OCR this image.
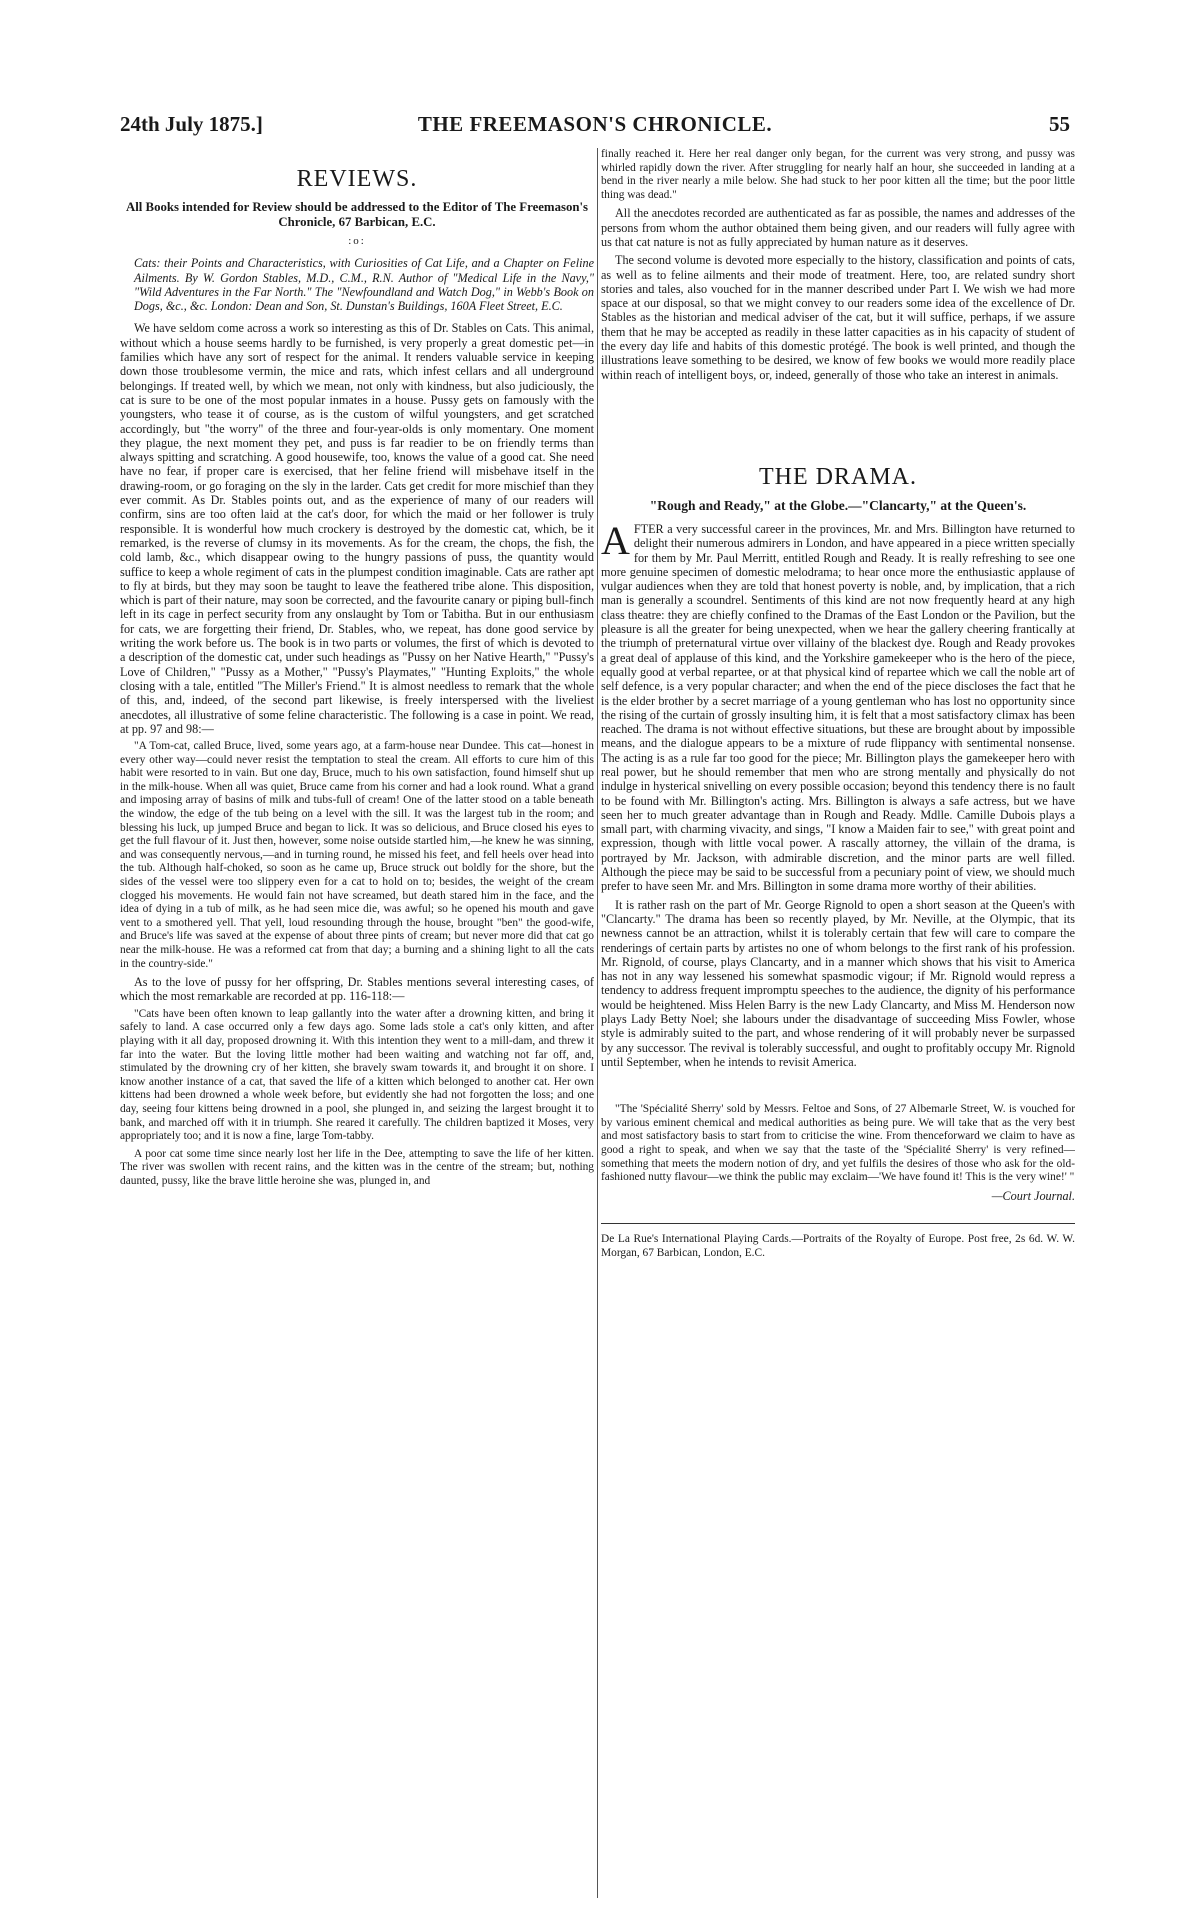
24th July 1875.]	THE FREEMASON'S CHRONICLE.	55
REVIEWS.
All Books intended for Review should be addressed to the Editor of The Freemason's Chronicle, 67 Barbican, E.C.
:o:

Cats: their Points and Characteristics, with Curiosities of Cat Life, and a Chapter on Feline Ailments. By W. Gordon Stables, M.D., C.M., R.N. Author of "Medical Life in the Navy," "Wild Adventures in the Far North." The "Newfoundland and Watch Dog," in Webb's Book on Dogs, &c., &c. London: Dean and Son, St. Dunstan's Buildings, 160A Fleet Street, E.C.

We have seldom come across a work so interesting as this of Dr. Stables on Cats. This animal, without which a house seems hardly to be furnished, is very properly a great domestic pet—in families which have any sort of respect for the animal. It renders valuable service in keeping down those troublesome vermin, the mice and rats, which infest cellars and all underground belongings. If treated well, by which we mean, not only with kindness, but also judiciously, the cat is sure to be one of the most popular inmates in a house. Pussy gets on famously with the youngsters, who tease it of course, as is the custom of wilful youngsters, and get scratched accordingly, but "the worry" of the three and four-year-olds is only momentary. One moment they plague, the next moment they pet, and puss is far readier to be on friendly terms than always spitting and scratching. A good housewife, too, knows the value of a good cat. She need have no fear, if proper care is exercised, that her feline friend will misbehave itself in the drawing-room, or go foraging on the sly in the larder. Cats get credit for more mischief than they ever commit. As Dr. Stables points out, and as the experience of many of our readers will confirm, sins are too often laid at the cat's door, for which the maid or her follower is truly responsible. It is wonderful how much crockery is destroyed by the domestic cat, which, be it remarked, is the reverse of clumsy in its movements. As for the cream, the chops, the fish, the cold lamb, &c., which disappear owing to the hungry passions of puss, the quantity would suffice to keep a whole regiment of cats in the plumpest condition imaginable. Cats are rather apt to fly at birds, but they may soon be taught to leave the feathered tribe alone. This disposition, which is part of their nature, may soon be corrected, and the favourite canary or piping bull-finch left in its cage in perfect security from any onslaught by Tom or Tabitha. But in our enthusiasm for cats, we are forgetting their friend, Dr. Stables, who, we repeat, has done good service by writing the work before us. The book is in two parts or volumes, the first of which is devoted to a description of the domestic cat, under such headings as "Pussy on her Native Hearth," "Pussy's Love of Children," "Pussy as a Mother," "Pussy's Playmates," "Hunting Exploits," the whole closing with a tale, entitled "The Miller's Friend." It is almost needless to remark that the whole of this, and, indeed, of the second part likewise, is freely interspersed with the liveliest anecdotes, all illustrative of some feline characteristic. The following is a case in point. We read, at pp. 97 and 98:—

"A Tom-cat, called Bruce, lived, some years ago, at a farm-house near Dundee. This cat—honest in every other way—could never resist the temptation to steal the cream. All efforts to cure him of this habit were resorted to in vain. But one day, Bruce, much to his own satisfaction, found himself shut up in the milk-house. When all was quiet, Bruce came from his corner and had a look round. What a grand and imposing array of basins of milk and tubs-full of cream! One of the latter stood on a table beneath the window, the edge of the tub being on a level with the sill. It was the largest tub in the room; and blessing his luck, up jumped Bruce and began to lick. It was so delicious, and Bruce closed his eyes to get the full flavour of it. Just then, however, some noise outside startled him,—he knew he was sinning, and was consequently nervous,—and in turning round, he missed his feet, and fell heels over head into the tub. Although half-choked, so soon as he came up, Bruce struck out boldly for the shore, but the sides of the vessel were too slippery even for a cat to hold on to; besides, the weight of the cream clogged his movements. He would fain not have screamed, but death stared him in the face, and the idea of dying in a tub of milk, as he had seen mice die, was awful; so he opened his mouth and gave vent to a smothered yell. That yell, loud resounding through the house, brought "ben" the good-wife, and Bruce's life was saved at the expense of about three pints of cream; but never more did that cat go near the milk-house. He was a reformed cat from that day; a burning and a shining light to all the cats in the country-side."

As to the love of pussy for her offspring, Dr. Stables mentions several interesting cases, of which the most remarkable are recorded at pp. 116-118:—

"Cats have been often known to leap gallantly into the water after a drowning kitten, and bring it safely to land. A case occurred only a few days ago. Some lads stole a cat's only kitten, and after playing with it all day, proposed drowning it. With this intention they went to a mill-dam, and threw it far into the water. But the loving little mother had been waiting and watching not far off, and, stimulated by the drowning cry of her kitten, she bravely swam towards it, and brought it on shore. I know another instance of a cat, that saved the life of a kitten which belonged to another cat. Her own kittens had been drowned a whole week before, but evidently she had not forgotten the loss; and one day, seeing four kittens being drowned in a pool, she plunged in, and seizing the largest brought it to bank, and marched off with it in triumph. She reared it carefully. The children baptized it Moses, very appropriately too; and it is now a fine, large Tom-tabby.

A poor cat some time since nearly lost her life in the Dee, attempting to save the life of her kitten. The river was swollen with recent rains, and the kitten was in the centre of the stream; but, nothing daunted, pussy, like the brave little heroine she was, plunged in, and

finally reached it. Here her real danger only began, for the current was very strong, and pussy was whirled rapidly down the river. After struggling for nearly half an hour, she succeeded in landing at a bend in the river nearly a mile below. She had stuck to her poor kitten all the time; but the poor little thing was dead."

All the anecdotes recorded are authenticated as far as possible, the names and addresses of the persons from whom the author obtained them being given, and our readers will fully agree with us that cat nature is not as fully appreciated by human nature as it deserves.

The second volume is devoted more especially to the history, classification and points of cats, as well as to feline ailments and their mode of treatment. Here, too, are related sundry short stories and tales, also vouched for in the manner described under Part I. We wish we had more space at our disposal, so that we might convey to our readers some idea of the excellence of Dr. Stables as the historian and medical adviser of the cat, but it will suffice, perhaps, if we assure them that he may be accepted as readily in these latter capacities as in his capacity of student of the every day life and habits of this domestic protégé. The book is well printed, and though the illustrations leave something to be desired, we know of few books we would more readily place within reach of intelligent boys, or, indeed, generally of those who take an interest in animals.

THE DRAMA.
"Rough and Ready," at the Globe.—"Clancarty," at the Queen's.

AFTER a very successful career in the provinces, Mr. and Mrs. Billington have returned to delight their numerous admirers in London, and have appeared in a piece written specially for them by Mr. Paul Merritt, entitled Rough and Ready. It is really refreshing to see one more genuine specimen of domestic melodrama; to hear once more the enthusiastic applause of vulgar audiences when they are told that honest poverty is noble, and, by implication, that a rich man is generally a scoundrel. Sentiments of this kind are not now frequently heard at any high class theatre: they are chiefly confined to the Dramas of the East London or the Pavilion, but the pleasure is all the greater for being unexpected, when we hear the gallery cheering frantically at the triumph of preternatural virtue over villainy of the blackest dye. Rough and Ready provokes a great deal of applause of this kind, and the Yorkshire gamekeeper who is the hero of the piece, equally good at verbal repartee, or at that physical kind of repartee which we call the noble art of self defence, is a very popular character; and when the end of the piece discloses the fact that he is the elder brother by a secret marriage of a young gentleman who has lost no opportunity since the rising of the curtain of grossly insulting him, it is felt that a most satisfactory climax has been reached. The drama is not without effective situations, but these are brought about by impossible means, and the dialogue appears to be a mixture of rude flippancy with sentimental nonsense. The acting is as a rule far too good for the piece; Mr. Billington plays the gamekeeper hero with real power, but he should remember that men who are strong mentally and physically do not indulge in hysterical snivelling on every possible occasion; beyond this tendency there is no fault to be found with Mr. Billington's acting. Mrs. Billington is always a safe actress, but we have seen her to much greater advantage than in Rough and Ready. Mdlle. Camille Dubois plays a small part, with charming vivacity, and sings, "I know a Maiden fair to see," with great point and expression, though with little vocal power. A rascally attorney, the villain of the drama, is portrayed by Mr. Jackson, with admirable discretion, and the minor parts are well filled. Although the piece may be said to be successful from a pecuniary point of view, we should much prefer to have seen Mr. and Mrs. Billington in some drama more worthy of their abilities.

It is rather rash on the part of Mr. George Rignold to open a short season at the Queen's with "Clancarty." The drama has been so recently played, by Mr. Neville, at the Olympic, that its newness cannot be an attraction, whilst it is tolerably certain that few will care to compare the renderings of certain parts by artistes no one of whom belongs to the first rank of his profession. Mr. Rignold, of course, plays Clancarty, and in a manner which shows that his visit to America has not in any way lessened his somewhat spasmodic vigour; if Mr. Rignold would repress a tendency to address frequent impromptu speeches to the audience, the dignity of his performance would be heightened. Miss Helen Barry is the new Lady Clancarty, and Miss M. Henderson now plays Lady Betty Noel; she labours under the disadvantage of succeeding Miss Fowler, whose style is admirably suited to the part, and whose rendering of it will probably never be surpassed by any successor. The revival is tolerably successful, and ought to profitably occupy Mr. Rignold until September, when he intends to revisit America.

"The 'Spécialité Sherry' sold by Messrs. Feltoe and Sons, of 27 Albemarle Street, W. is vouched for by various eminent chemical and medical authorities as being pure. We will take that as the very best and most satisfactory basis to start from to criticise the wine. From thenceforward we claim to have as good a right to speak, and when we say that the taste of the 'Spécialité Sherry' is very refined—something that meets the modern notion of dry, and yet fulfils the desires of those who ask for the old-fashioned nutty flavour—we think the public may exclaim—'We have found it! This is the very wine!' "

—Court Journal.

De La Rue's International Playing Cards.—Portraits of the Royalty of Europe. Post free, 2s 6d. W. W. Morgan, 67 Barbican, London, E.C.
